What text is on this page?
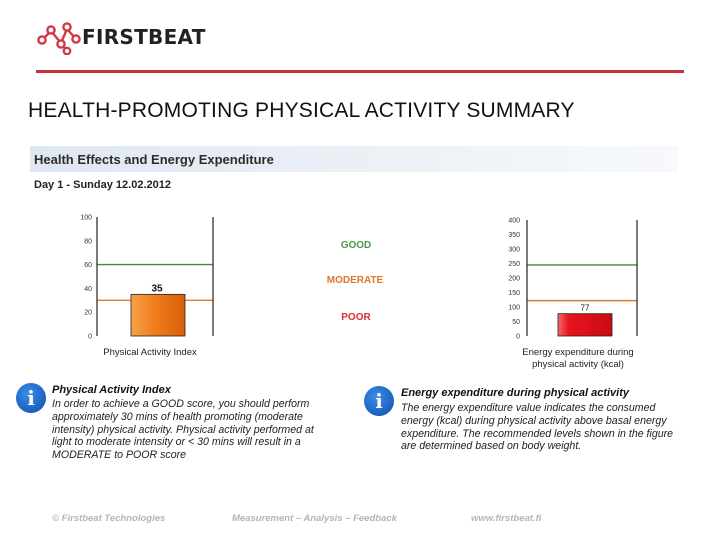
FIRSTBEAT
HEALTH-PROMOTING PHYSICAL ACTIVITY SUMMARY
Health Effects and Energy Expenditure
Day 1 - Sunday 12.02.2012
0
20
40
60
80
100
35
Physical Activity Index
0
50
100
150
200
250
300
350
400
77
Energy expenditure during
physical activity (kcal)
GOOD
MODERATE
POOR
i	Physical Activity Index
In order to achieve a GOOD score, you should perform
approximately 30 mins of health promoting (moderate
intensity) physical activity. Physical activity performed at
light to moderate intensity or < 30 mins will result in a
MODERATE to POOR score
i	Energy expenditure during physical activity
The energy expenditure value indicates the consumed
energy (kcal) during physical activity above basal energy
expenditure. The recommended levels shown in the figure
are determined based on body weight.
© Firstbeat Technologies	Measurement – Analysis – Feedback	www.firstbeat.fi
